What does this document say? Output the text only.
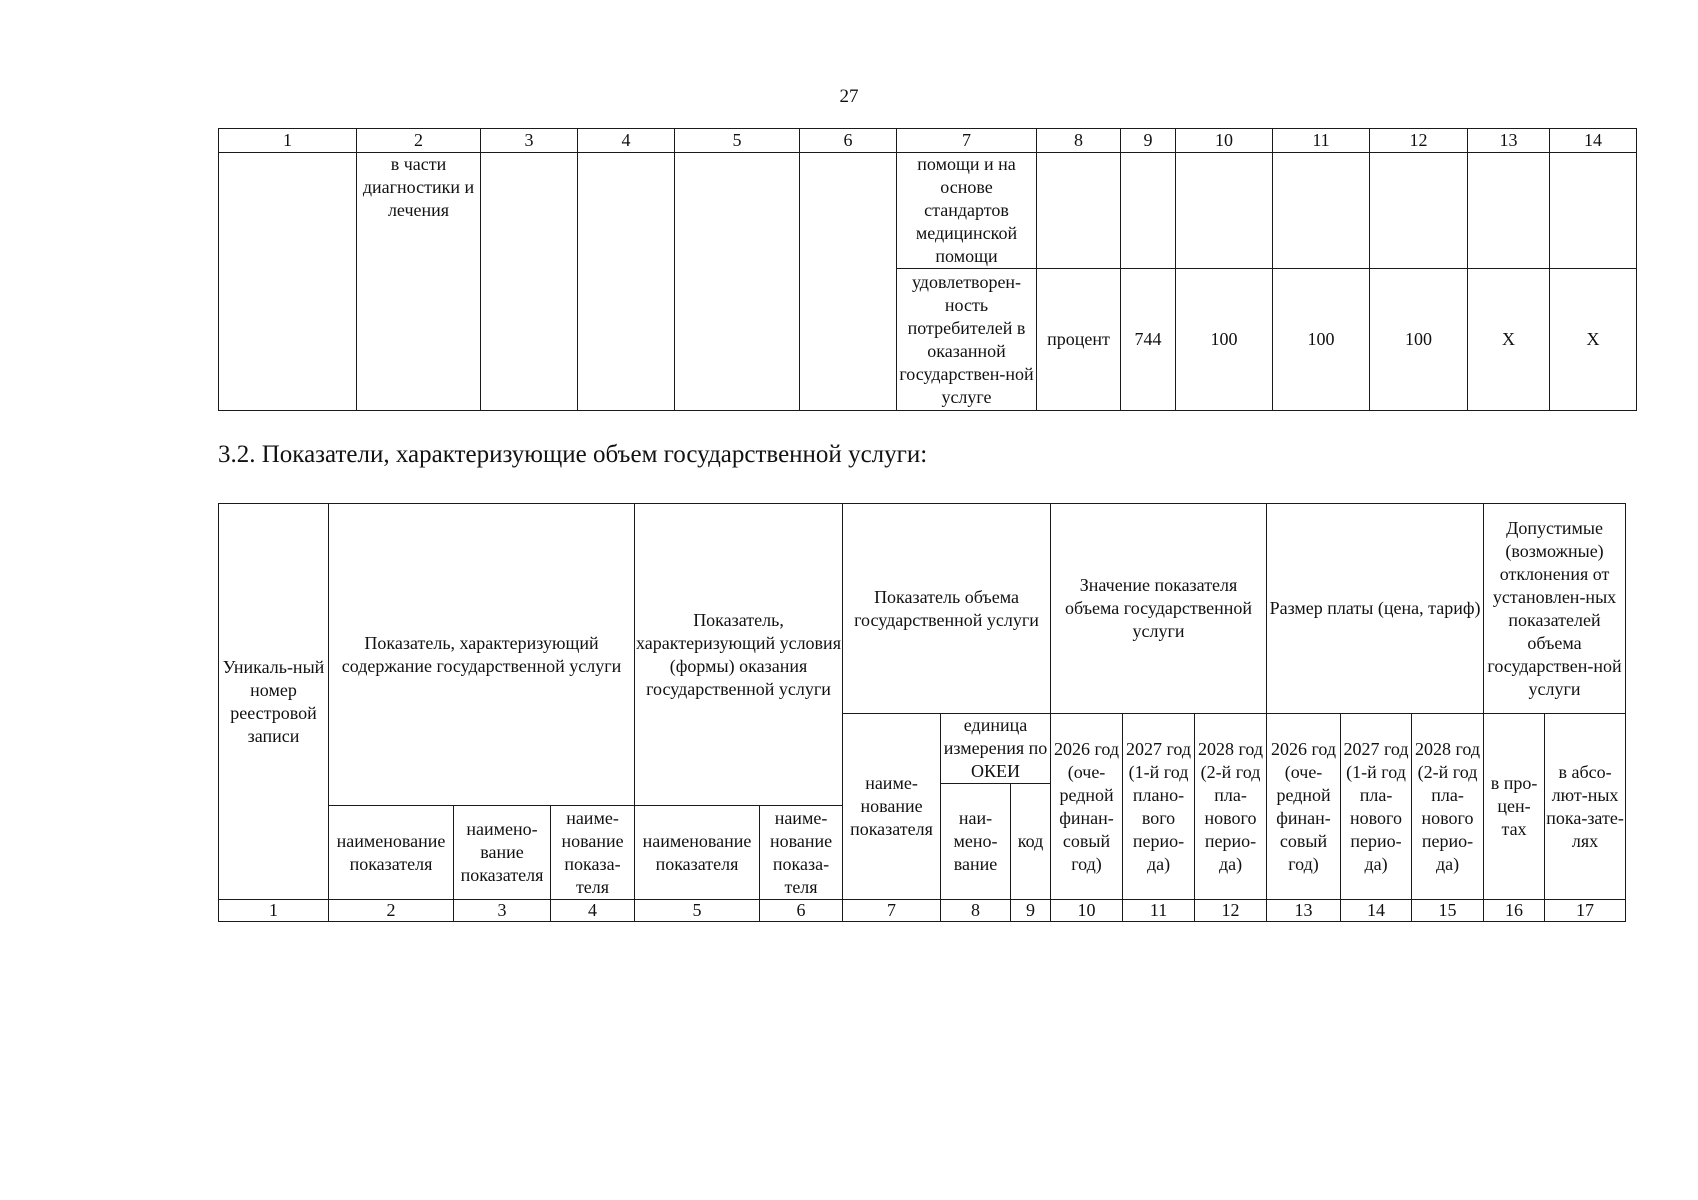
27
1	2	3	4	5	6	7	8	9	10	11	12	13	14
	в части диагностики и лечения					помощи и на основе стандартов медицинской помощи							
						удовлетворен-ность потребителей в оказанной государствен-ной услуге	процент	744	100	100	100	X	X
3.2. Показатели, характеризующие объем государственной услуги:
Уникаль-ный номер реестровой записи	Показатель, характеризующий содержание государственной услуги			Показатель, характеризующий условия (формы) оказания государственной услуги		Показатель объема государственной услуги			Значение показателя объема государственной услуги			Размер платы (цена, тариф)			Допустимые (возможные) отклонения от установлен-ных показателей объема государствен-ной услуги	
						наиме-нование показателя	единица измерения по ОКЕИ		2026 год (оче-редной финан-совый год)	2027 год (1-й год плано-вого перио-да)	2028 год (2-й год пла-нового перио-да)	2026 год (оче-редной финан-совый год)	2027 год (1-й год пла-нового перио-да)	2028 год (2-й год пла-нового перио-да)	в про-цен-тах	в абсо-лют-ных пока-зате-лях
							наи-мено-вание	код								
	наименование показателя	наимено-вание показателя	наиме-нование показа-теля	наименование показателя	наиме-нование показа-теля											
1	2	3	4	5	6	7	8	9	10	11	12	13	14	15	16	17
